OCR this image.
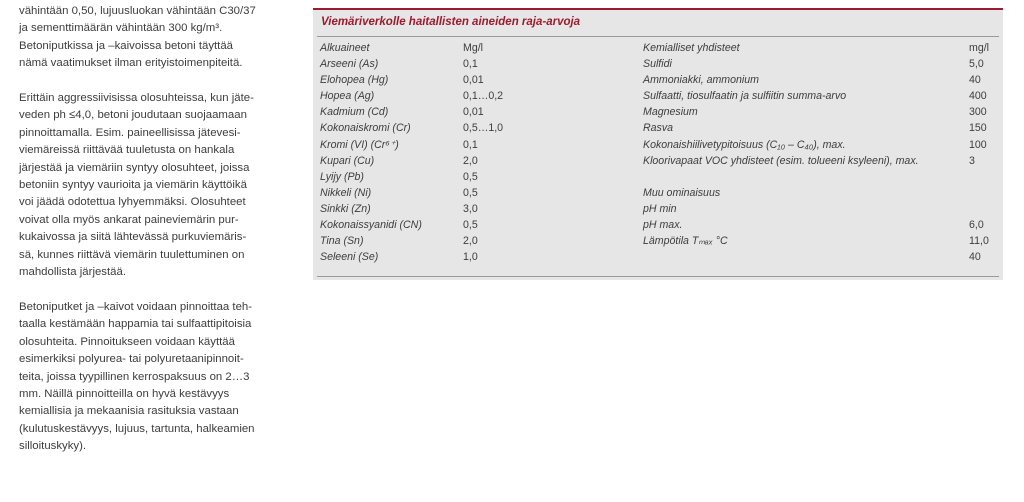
vähintään 0,50, lujuusluokan vähintään C30/37
ja sementtimäärän vähintään 300 kg/m³.
Betoniputkissa ja –kaivoissa betoni täyttää
nämä vaatimukset ilman erityistoimenpiteitä.

Erittäin aggressiivisissa olosuhteissa, kun jäte-
veden ph ≤4,0, betoni joudutaan suojaamaan
pinnoittamalla. Esim. paineellisissa jätevesi-
viemäreissä riittävää tuuletusta on hankala
järjestää ja viemäriin syntyy olosuhteet, joissa
betoniin syntyy vaurioita ja viemärin käyttöikä
voi jäädä odotettua lyhyemmäksi. Olosuhteet
voivat olla myös ankarat paineviemärin pur-
kukaivossa ja siitä lähtevässä purkuviemäris-
sä, kunnes riittävä viemärin tuulettuminen on
mahdollista järjestää.

Betoniputket ja –kaivot voidaan pinnoittaa teh-
taalla kestämään happamia tai sulfaattipitoisia
olosuhteita. Pinnoitukseen voidaan käyttää
esimerkiksi polyurea- tai polyuretaanipinnoit-
teita, joissa tyypillinen kerrospaksuus on 2…3
mm. Näillä pinnoitteilla on hyvä kestävyys
kemiallisia ja mekaanisia rasituksia vastaan
(kulutuskestävyys, lujuus, tartunta, halkeamien
silloituskyky).

Viemäriverkolle haitallisten aineiden raja-arvoja
Alkuaineet
Arseeni (As)
Elohopea (Hg)
Hopea (Ag)
Kadmium (Cd)
Kokonaiskromi (Cr)
Kromi (VI) (Cr⁶⁺)
Kupari (Cu)
Lyijy (Pb)
Nikkeli (Ni)
Sinkki (Zn)
Kokonaissyanidi (CN)
Tina (Sn)
Seleeni (Se)
Mg/l
0,1
0,01
0,1…0,2
0,01
0,5…1,0
0,1
2,0
0,5
0,5
3,0
0,5
2,0
1,0
Kemialliset yhdisteet
Sulfidi
Ammoniakki, ammonium
Sulfaatti, tiosulfaatin ja sulfiitin summa-arvo
Magnesium
Rasva
Kokonaishiilivetypitoisuus (C₁₀ – C₄₀), max.
Kloorivapaat VOC yhdisteet (esim. tolueeni ksyleeni), max.
Muu ominaisuus
pH min
pH max.
Lämpötila Tₘₐₓ °C
mg/l
5,0
40
400
300
150
100
3
6,0
11,0
40
